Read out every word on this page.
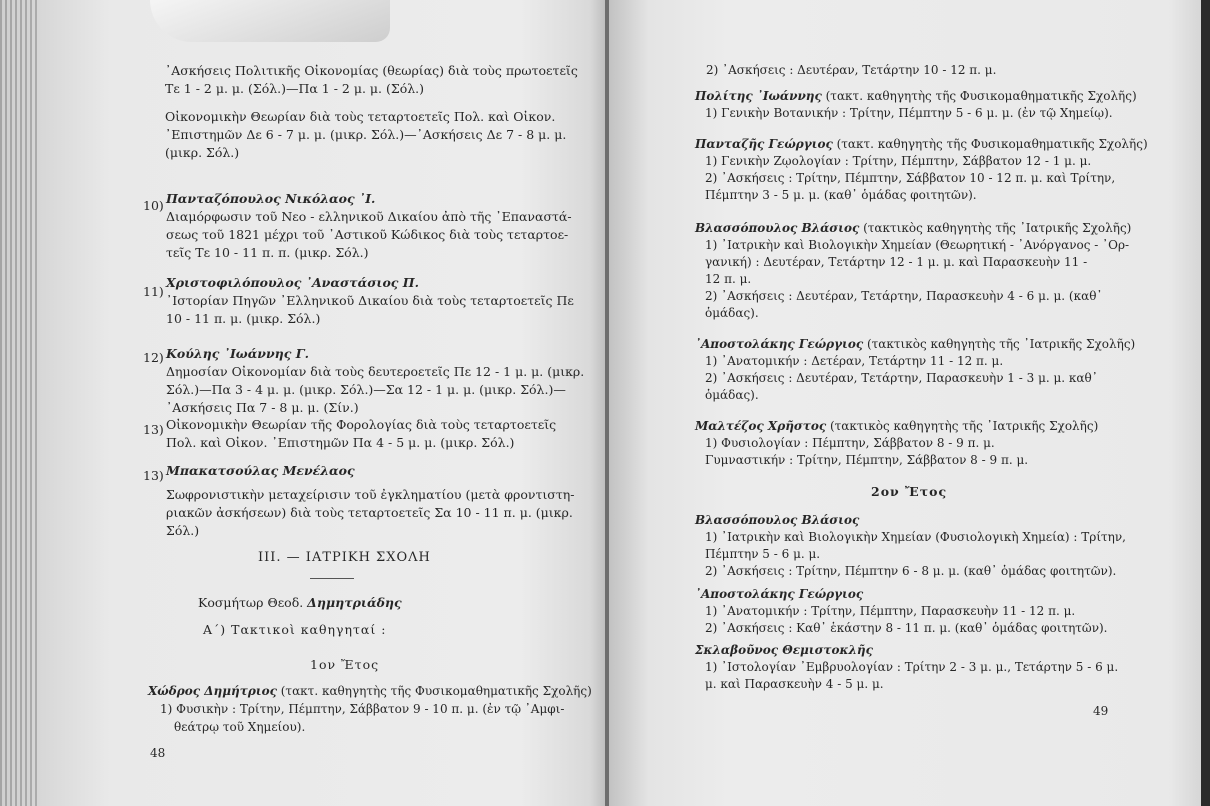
᾿Ασκήσεις Πολιτικῆς Οἰκονομίας (θεωρίας) διὰ τοὺς πρωτοετεῖς
Τε 1 - 2 μ. μ. (Σόλ.)—Πα 1 - 2 μ. μ. (Σόλ.)
Οἰκονομικὴν Θεωρίαν διὰ τοὺς τεταρτοετεῖς Πολ. καὶ Οἰκον.
᾿Επιστημῶν Δε 6 - 7 μ. μ. (μικρ. Σόλ.)—᾿Ασκήσεις Δε 7 - 8 μ. μ.
(μικρ. Σόλ.)
10) Πανταζόπουλος Νικόλαος ᾿Ι.
Διαμόρφωσιν τοῦ Νεο - ελληνικοῦ Δικαίου ἀπὸ τῆς ᾿Επαναστά-
σεως τοῦ 1821 μέχρι τοῦ ᾿Αστικοῦ Κώδικος διὰ τοὺς τεταρτοε-
τεῖς Τε 10 - 11 π. π. (μικρ. Σόλ.)
11)
Χριστοφιλόπουλος ᾿Αναστάσιος Π.
᾿Ιστορίαν Πηγῶν ᾿Ελληνικοῦ Δικαίου διὰ τοὺς τεταρτοετεῖς Πε
10 - 11 π. μ. (μικρ. Σόλ.)
12) Κούλης ᾿Ιωάννης Γ.
Δημοσίαν Οἰκονομίαν διὰ τοὺς δευτεροετεῖς Πε 12 - 1 μ. μ. (μικρ.
Σόλ.)—Πα 3 - 4 μ. μ. (μικρ. Σόλ.)—Σα 12 - 1 μ. μ. (μικρ. Σόλ.)—
᾿Ασκήσεις Πα 7 - 8 μ. μ. (Σίν.)
13) Οἰκονομικὴν Θεωρίαν τῆς Φορολογίας διὰ τοὺς τεταρτοετεῖς
Πολ. καὶ Οἰκον. ᾿Επιστημῶν Πα 4 - 5 μ. μ. (μικρ. Σόλ.)
13) Μπακατσούλας Μενέλαος
Σωφρονιστικὴν μεταχείρισιν τοῦ ἐγκληματίου (μετὰ φροντιστη-
ριακῶν ἀσκήσεων) διὰ τοὺς τεταρτοετεῖς Σα 10 - 11 π. μ. (μικρ.
Σόλ.)
ΙΙΙ. — ΙΑΤΡΙΚΗ ΣΧΟΛΗ
Κοσμήτωρ Θεοδ. Δημητριάδης
Α΄) Τακτικοὶ καθηγηταί :
1ον Ἔτος
Χώδρος Δημήτριος (τακτ. καθηγητὴς τῆς Φυσικομαθηματικῆς Σχολῆς)
1) Φυσικὴν : Τρίτην, Πέμπτην, Σάββατον 9 - 10 π. μ. (ἐν τῷ ᾿Αμφι-
θεάτρῳ τοῦ Χημείου).
48
2) ᾿Ασκήσεις : Δευτέραν, Τετάρτην 10 - 12 π. μ.
Πολίτης ᾿Ιωάννης (τακτ. καθηγητὴς τῆς Φυσικομαθηματικῆς Σχολῆς)
1) Γενικὴν Βοτανικήν : Τρίτην, Πέμπτην 5 - 6 μ. μ. (ἐν τῷ Χημείῳ).
Πανταζῆς Γεώργιος (τακτ. καθηγητὴς τῆς Φυσικομαθηματικῆς Σχολῆς)
1) Γενικὴν Ζῳολογίαν : Τρίτην, Πέμπτην, Σάββατον 12 - 1 μ. μ.
2) ᾿Ασκήσεις : Τρίτην, Πέμπτην, Σάββατον 10 - 12 π. μ. καὶ Τρίτην,
Πέμπτην 3 - 5 μ. μ. (καθ᾿ ὁμάδας φοιτητῶν).
Βλασσόπουλος Βλάσιος (τακτικὸς καθηγητὴς τῆς ᾿Ιατρικῆς Σχολῆς)
1) ᾿Ιατρικὴν καὶ Βιολογικὴν Χημείαν (Θεωρητική - ᾿Ανόργανος - ᾿Ορ-
γανική) : Δευτέραν, Τετάρτην 12 - 1 μ. μ. καὶ Παρασκευὴν 11 -
12 π. μ.
2) ᾿Ασκήσεις : Δευτέραν, Τετάρτην, Παρασκευὴν 4 - 6 μ. μ. (καθ᾿
ὁμάδας).
᾿Αποστολάκης Γεώργιος (τακτικὸς καθηγητὴς τῆς ᾿Ιατρικῆς Σχολῆς)
1) ᾿Ανατομικήν : Δετέραν, Τετάρτην 11 - 12 π. μ.
2) ᾿Ασκήσεις : Δευτέραν, Τετάρτην, Παρασκευὴν 1 - 3 μ. μ. καθ᾿
ὁμάδας).
Μαλτέζος Χρῆστος (τακτικὸς καθηγητὴς τῆς ᾿Ιατρικῆς Σχολῆς)
1) Φυσιολογίαν : Πέμπτην, Σάββατον 8 - 9 π. μ.
Γυμναστικήν : Τρίτην, Πέμπτην, Σάββατον 8 - 9 π. μ.
2ον Ἔτος
Βλασσόπουλος Βλάσιος
1) ᾿Ιατρικὴν καὶ Βιολογικὴν Χημείαν (Φυσιολογικὴ Χημεία) : Τρίτην,
Πέμπτην 5 - 6 μ. μ.
2) ᾿Ασκήσεις : Τρίτην, Πέμπτην 6 - 8 μ. μ. (καθ᾿ ὁμάδας φοιτητῶν).
᾿Αποστολάκης Γεώργιος
1) ᾿Ανατομικήν : Τρίτην, Πέμπτην, Παρασκευὴν 11 - 12 π. μ.
2) ᾿Ασκήσεις : Καθ᾿ ἑκάστην 8 - 11 π. μ. (καθ᾿ ὁμάδας φοιτητῶν).
Σκλαβοῦνος Θεμιστοκλῆς
1) ᾿Ιστολογίαν ᾿Εμβρυολογίαν : Τρίτην 2 - 3 μ. μ., Τετάρτην 5 - 6 μ.
μ. καὶ Παρασκευὴν 4 - 5 μ. μ.
49
